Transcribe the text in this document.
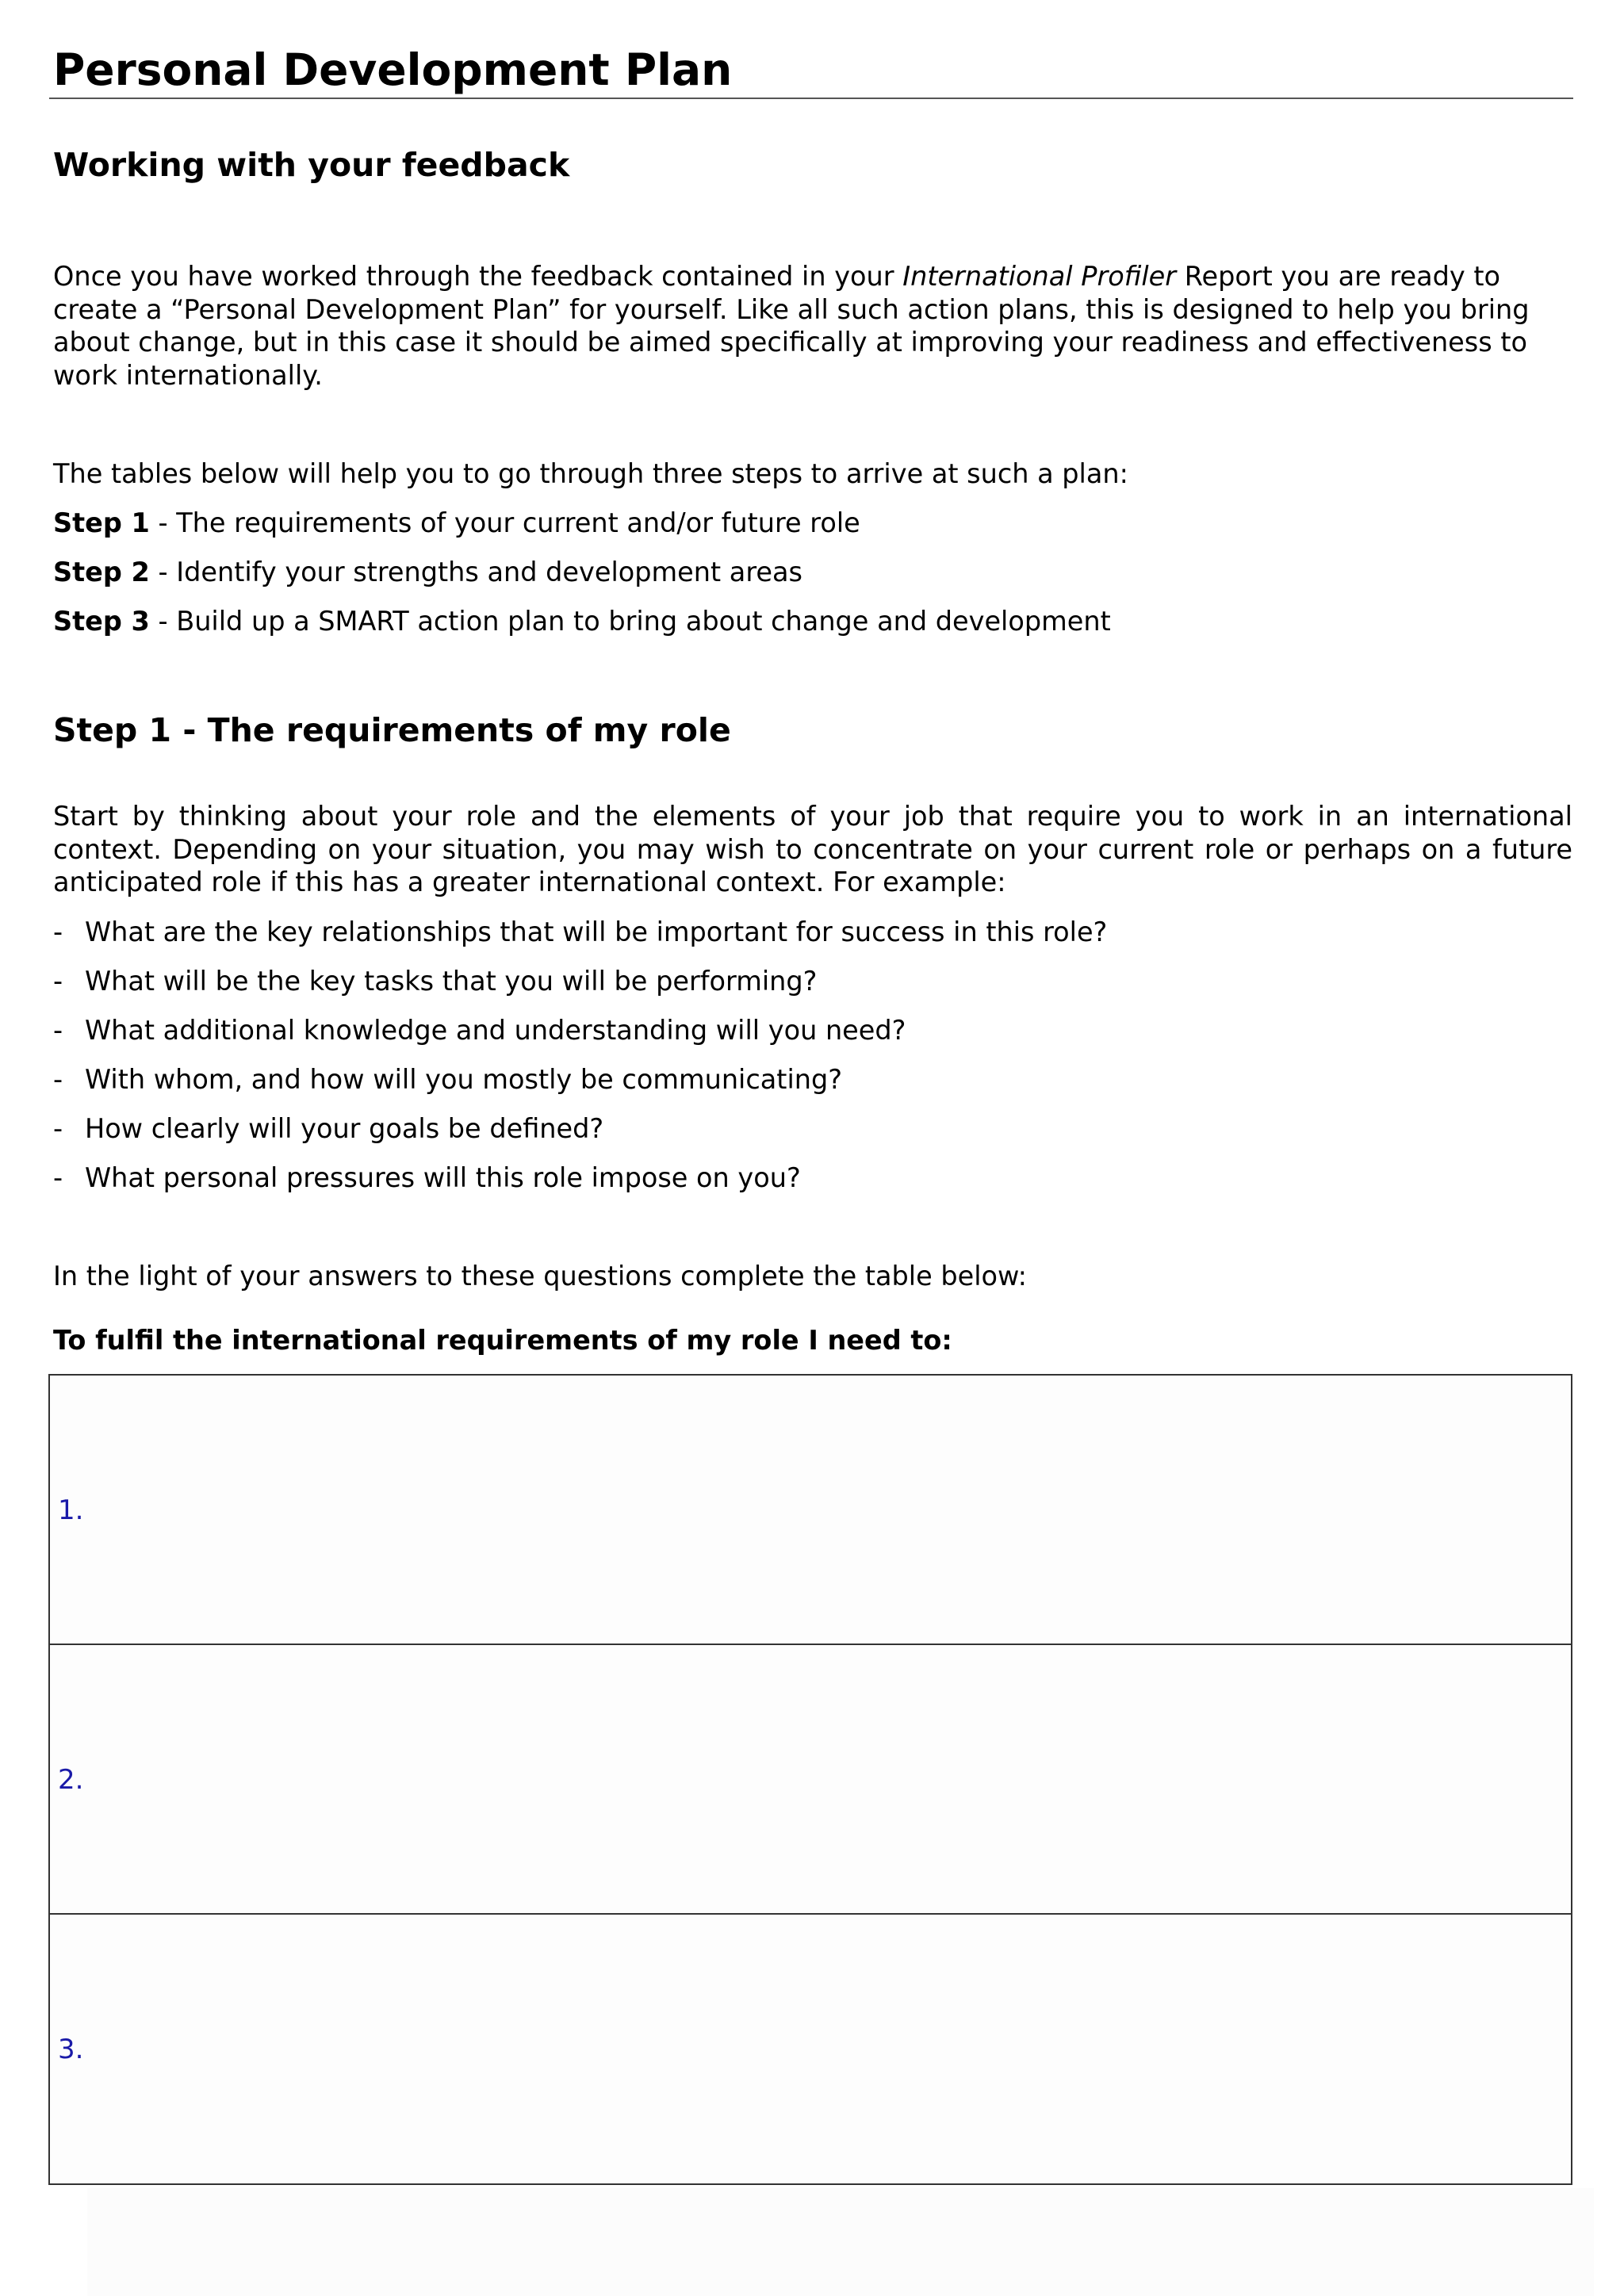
Personal Development Plan
Working with your feedback

Once you have worked through the feedback contained in your International Profiler Report you are ready to create a “Personal Development Plan” for yourself. Like all such action plans, this is designed to help you bring about change, but in this case it should be aimed specifically at improving your readiness and effectiveness to work internationally.

The tables below will help you to go through three steps to arrive at such a plan:

Step 1 - The requirements of your current and/or future role
Step 2 - Identify your strengths and development areas
Step 3 - Build up a SMART action plan to bring about change and development
Step 1 - The requirements of my role

Start by thinking about your role and the elements of your job that require you to work in an international context. Depending on your situation, you may wish to concentrate on your current role or perhaps on a future anticipated role if this has a greater international context. For example:

- What are the key relationships that will be important for success in this role?
- What will be the key tasks that you will be performing?
- What additional knowledge and understanding will you need?
- With whom, and how will you mostly be communicating?
- How clearly will your goals be defined?
- What personal pressures will this role impose on you?

In the light of your answers to these questions complete the table below:

To fulfil the international requirements of my role I need to:
1.
2.
3.
